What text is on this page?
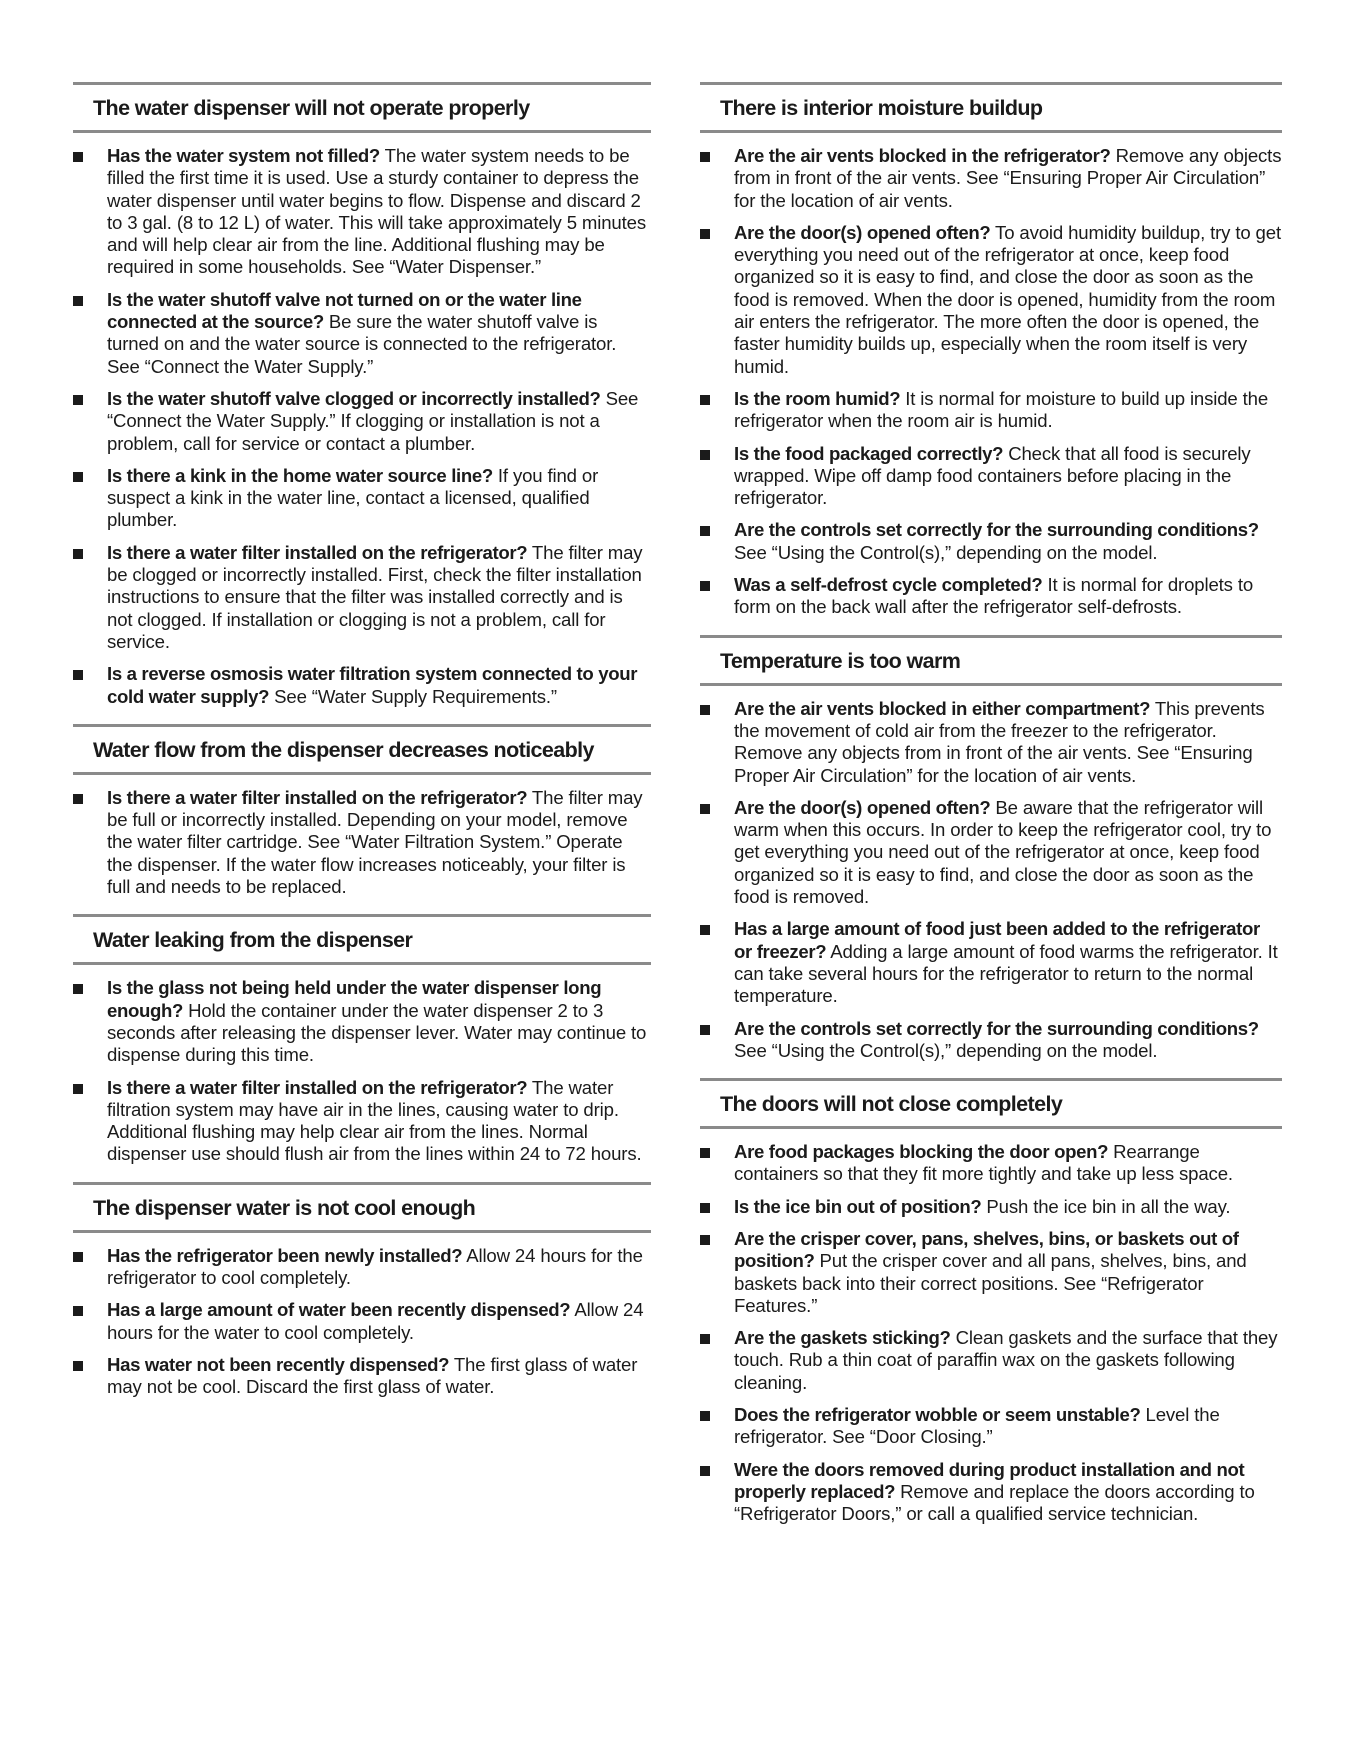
The water dispenser will not operate properly
Has the water system not filled? The water system needs to be filled the first time it is used. Use a sturdy container to depress the water dispenser until water begins to flow. Dispense and discard 2 to 3 gal. (8 to 12 L) of water. This will take approximately 5 minutes and will help clear air from the line. Additional flushing may be required in some households. See “Water Dispenser.”
Is the water shutoff valve not turned on or the water line connected at the source? Be sure the water shutoff valve is turned on and the water source is connected to the refrigerator. See “Connect the Water Supply.”
Is the water shutoff valve clogged or incorrectly installed? See “Connect the Water Supply.” If clogging or installation is not a problem, call for service or contact a plumber.
Is there a kink in the home water source line? If you find or suspect a kink in the water line, contact a licensed, qualified plumber.
Is there a water filter installed on the refrigerator? The filter may be clogged or incorrectly installed. First, check the filter installation instructions to ensure that the filter was installed correctly and is not clogged. If installation or clogging is not a problem, call for service.
Is a reverse osmosis water filtration system connected to your cold water supply? See “Water Supply Requirements.”
Water flow from the dispenser decreases noticeably
Is there a water filter installed on the refrigerator? The filter may be full or incorrectly installed. Depending on your model, remove the water filter cartridge. See “Water Filtration System.” Operate the dispenser. If the water flow increases noticeably, your filter is full and needs to be replaced.
Water leaking from the dispenser
Is the glass not being held under the water dispenser long enough? Hold the container under the water dispenser 2 to 3 seconds after releasing the dispenser lever. Water may continue to dispense during this time.
Is there a water filter installed on the refrigerator? The water filtration system may have air in the lines, causing water to drip. Additional flushing may help clear air from the lines. Normal dispenser use should flush air from the lines within 24 to 72 hours.
The dispenser water is not cool enough
Has the refrigerator been newly installed? Allow 24 hours for the refrigerator to cool completely.
Has a large amount of water been recently dispensed? Allow 24 hours for the water to cool completely.
Has water not been recently dispensed? The first glass of water may not be cool. Discard the first glass of water.
There is interior moisture buildup
Are the air vents blocked in the refrigerator? Remove any objects from in front of the air vents. See “Ensuring Proper Air Circulation” for the location of air vents.
Are the door(s) opened often? To avoid humidity buildup, try to get everything you need out of the refrigerator at once, keep food organized so it is easy to find, and close the door as soon as the food is removed. When the door is opened, humidity from the room air enters the refrigerator. The more often the door is opened, the faster humidity builds up, especially when the room itself is very humid.
Is the room humid? It is normal for moisture to build up inside the refrigerator when the room air is humid.
Is the food packaged correctly? Check that all food is securely wrapped. Wipe off damp food containers before placing in the refrigerator.
Are the controls set correctly for the surrounding conditions? See “Using the Control(s),” depending on the model.
Was a self-defrost cycle completed? It is normal for droplets to form on the back wall after the refrigerator self-defrosts.
Temperature is too warm
Are the air vents blocked in either compartment? This prevents the movement of cold air from the freezer to the refrigerator. Remove any objects from in front of the air vents. See “Ensuring Proper Air Circulation” for the location of air vents.
Are the door(s) opened often? Be aware that the refrigerator will warm when this occurs. In order to keep the refrigerator cool, try to get everything you need out of the refrigerator at once, keep food organized so it is easy to find, and close the door as soon as the food is removed.
Has a large amount of food just been added to the refrigerator or freezer? Adding a large amount of food warms the refrigerator. It can take several hours for the refrigerator to return to the normal temperature.
Are the controls set correctly for the surrounding conditions? See “Using the Control(s),” depending on the model.
The doors will not close completely
Are food packages blocking the door open? Rearrange containers so that they fit more tightly and take up less space.
Is the ice bin out of position? Push the ice bin in all the way.
Are the crisper cover, pans, shelves, bins, or baskets out of position? Put the crisper cover and all pans, shelves, bins, and baskets back into their correct positions. See “Refrigerator Features.”
Are the gaskets sticking? Clean gaskets and the surface that they touch. Rub a thin coat of paraffin wax on the gaskets following cleaning.
Does the refrigerator wobble or seem unstable? Level the refrigerator. See “Door Closing.”
Were the doors removed during product installation and not properly replaced? Remove and replace the doors according to “Refrigerator Doors,” or call a qualified service technician.
